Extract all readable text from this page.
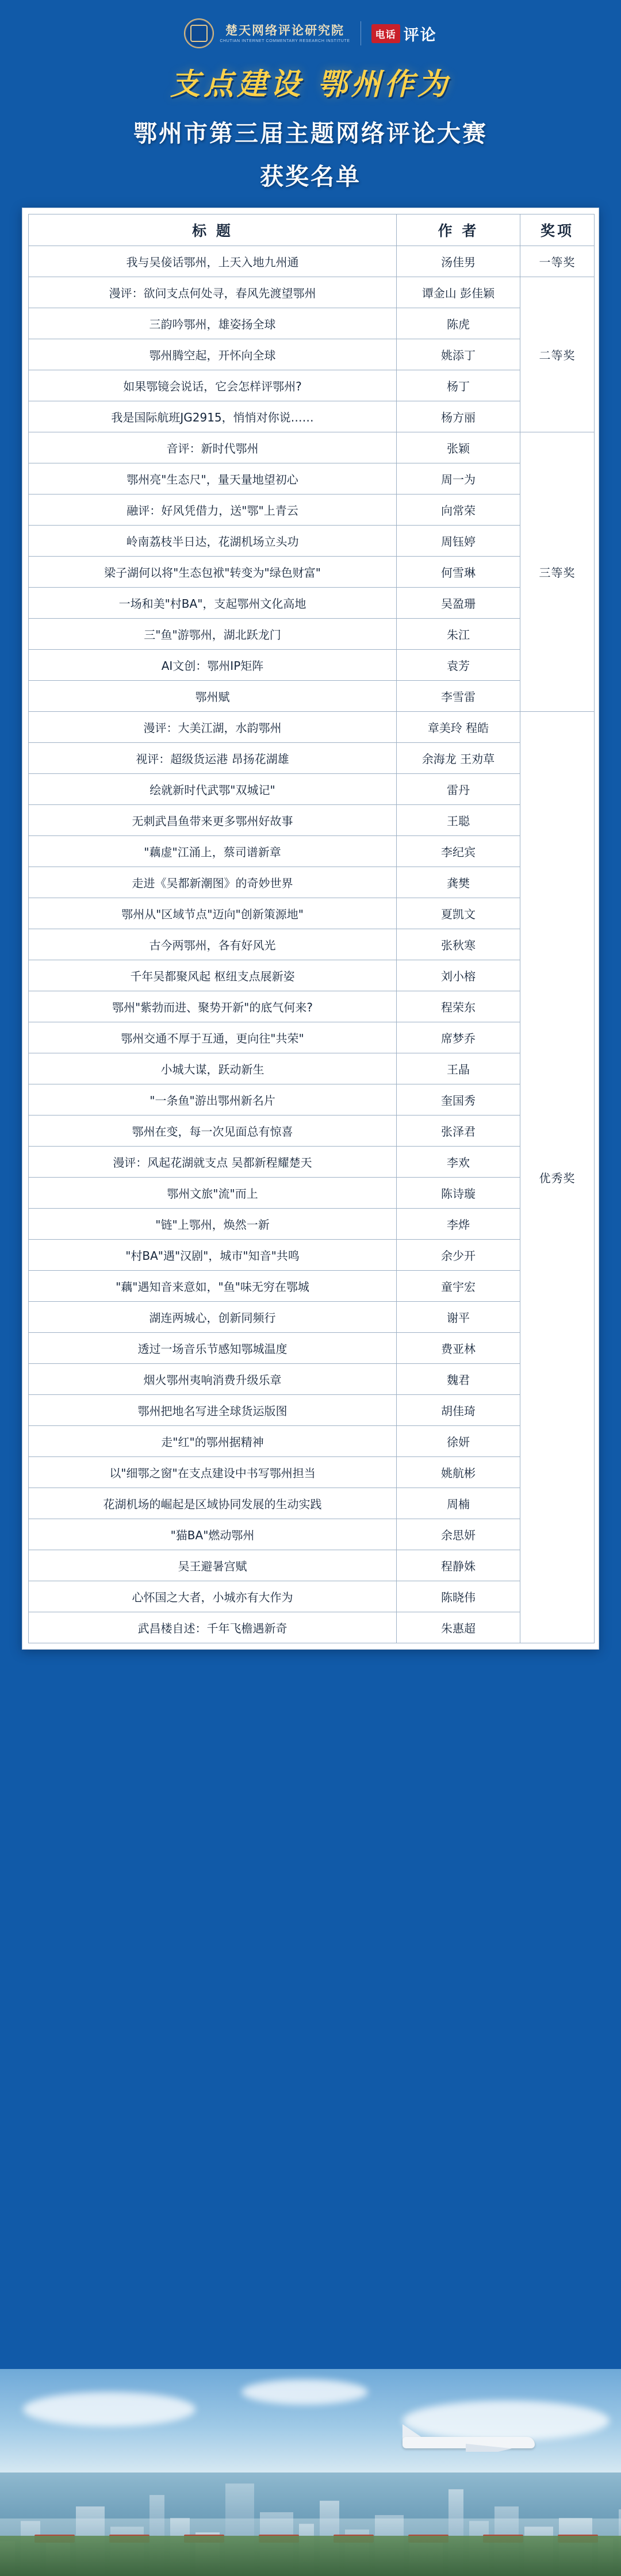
楚天网络评论研究院
CHUTIAN INTERNET COMMENTARY RESEARCH INSTITUTE
电话 评论
支点建设 鄂州作为
鄂州市第三届主题网络评论大赛
获奖名单
标 题	作 者	奖项
我与吴倿话鄂州，上天入地九州通	汤佳男	一等奖
漫评：欲问支点何处寻，春风先渡望鄂州	谭金山 彭佳颖	二等奖
三韵吟鄂州，雄姿扬全球	陈虎	
鄂州腾空起，开怀向全球	姚添丁	
如果鄂镜会说话，它会怎样评鄂州?	杨丁	
我是国际航班JG2915，悄悄对你说……	杨方丽	
音评：新时代鄂州	张颖	三等奖
鄂州亮"生态尺"，量天量地望初心	周一为	
融评：好风凭借力，送"鄂"上青云	向常荣	
岭南荔枝半日达，花湖机场立头功	周钰婷	
梁子湖何以将"生态包袱"转变为"绿色财富"	何雪琳	
一场和美"村BA"，支起鄂州文化高地	吴盈珊	
三"鱼"游鄂州，湖北跃龙门	朱江	
AI文创：鄂州IP矩阵	袁芳	
鄂州赋	李雪雷	
漫评：大美江湖，水韵鄂州	章美玲 程皓	优秀奖
视评：超级货运港 昂扬花湖雄	余海龙 王劝草	
绘就新时代武鄂"双城记"	雷丹	
无刺武昌鱼带来更多鄂州好故事	王聪	
"藕虚"江涌上，蔡司谱新章	李纪宾	
走进《吴都新潮图》的奇妙世界	龚樊	
鄂州从"区域节点"迈向"创新策源地"	夏凯文	
古今两鄂州，各有好风光	张秋寒	
千年吴都聚风起 枢纽支点展新姿	刘小榕	
鄂州"紫勃而进、聚势开新"的底气何来?	程荣东	
鄂州交通不厚于互通，更向往"共荣"	席梦乔	
小城大谋，跃动新生	王晶	
"一条鱼"游出鄂州新名片	奎国秀	
鄂州在变，每一次见面总有惊喜	张泽君	
漫评：风起花湖就支点 吴都新程耀楚天	李欢	
鄂州文旅"流"而上	陈诗璇	
"链"上鄂州，焕然一新	李烨	
"村BA"遇"汉剧"，城市"知音"共鸣	余少开	
"藕"遇知音来意如，"鱼"味无穷在鄂城	童宇宏	
湖连两城心，创新同频行	谢平	
透过一场音乐节感知鄂城温度	费亚林	
烟火鄂州夷响消费升级乐章	魏君	
鄂州把地名写进全球货运版图	胡佳琦	
走"红"的鄂州据精神	徐妍	
以"细鄂之窗"在支点建设中书写鄂州担当	姚航彬	
花湖机场的崛起是区域协同发展的生动实践	周楠	
"猫BA"燃动鄂州	余思妍	
吴王避暑宫赋	程静姝	
心怀国之大者，小城亦有大作为	陈晓伟	
武昌楼自述：千年飞檐遇新奇	朱惠超	
